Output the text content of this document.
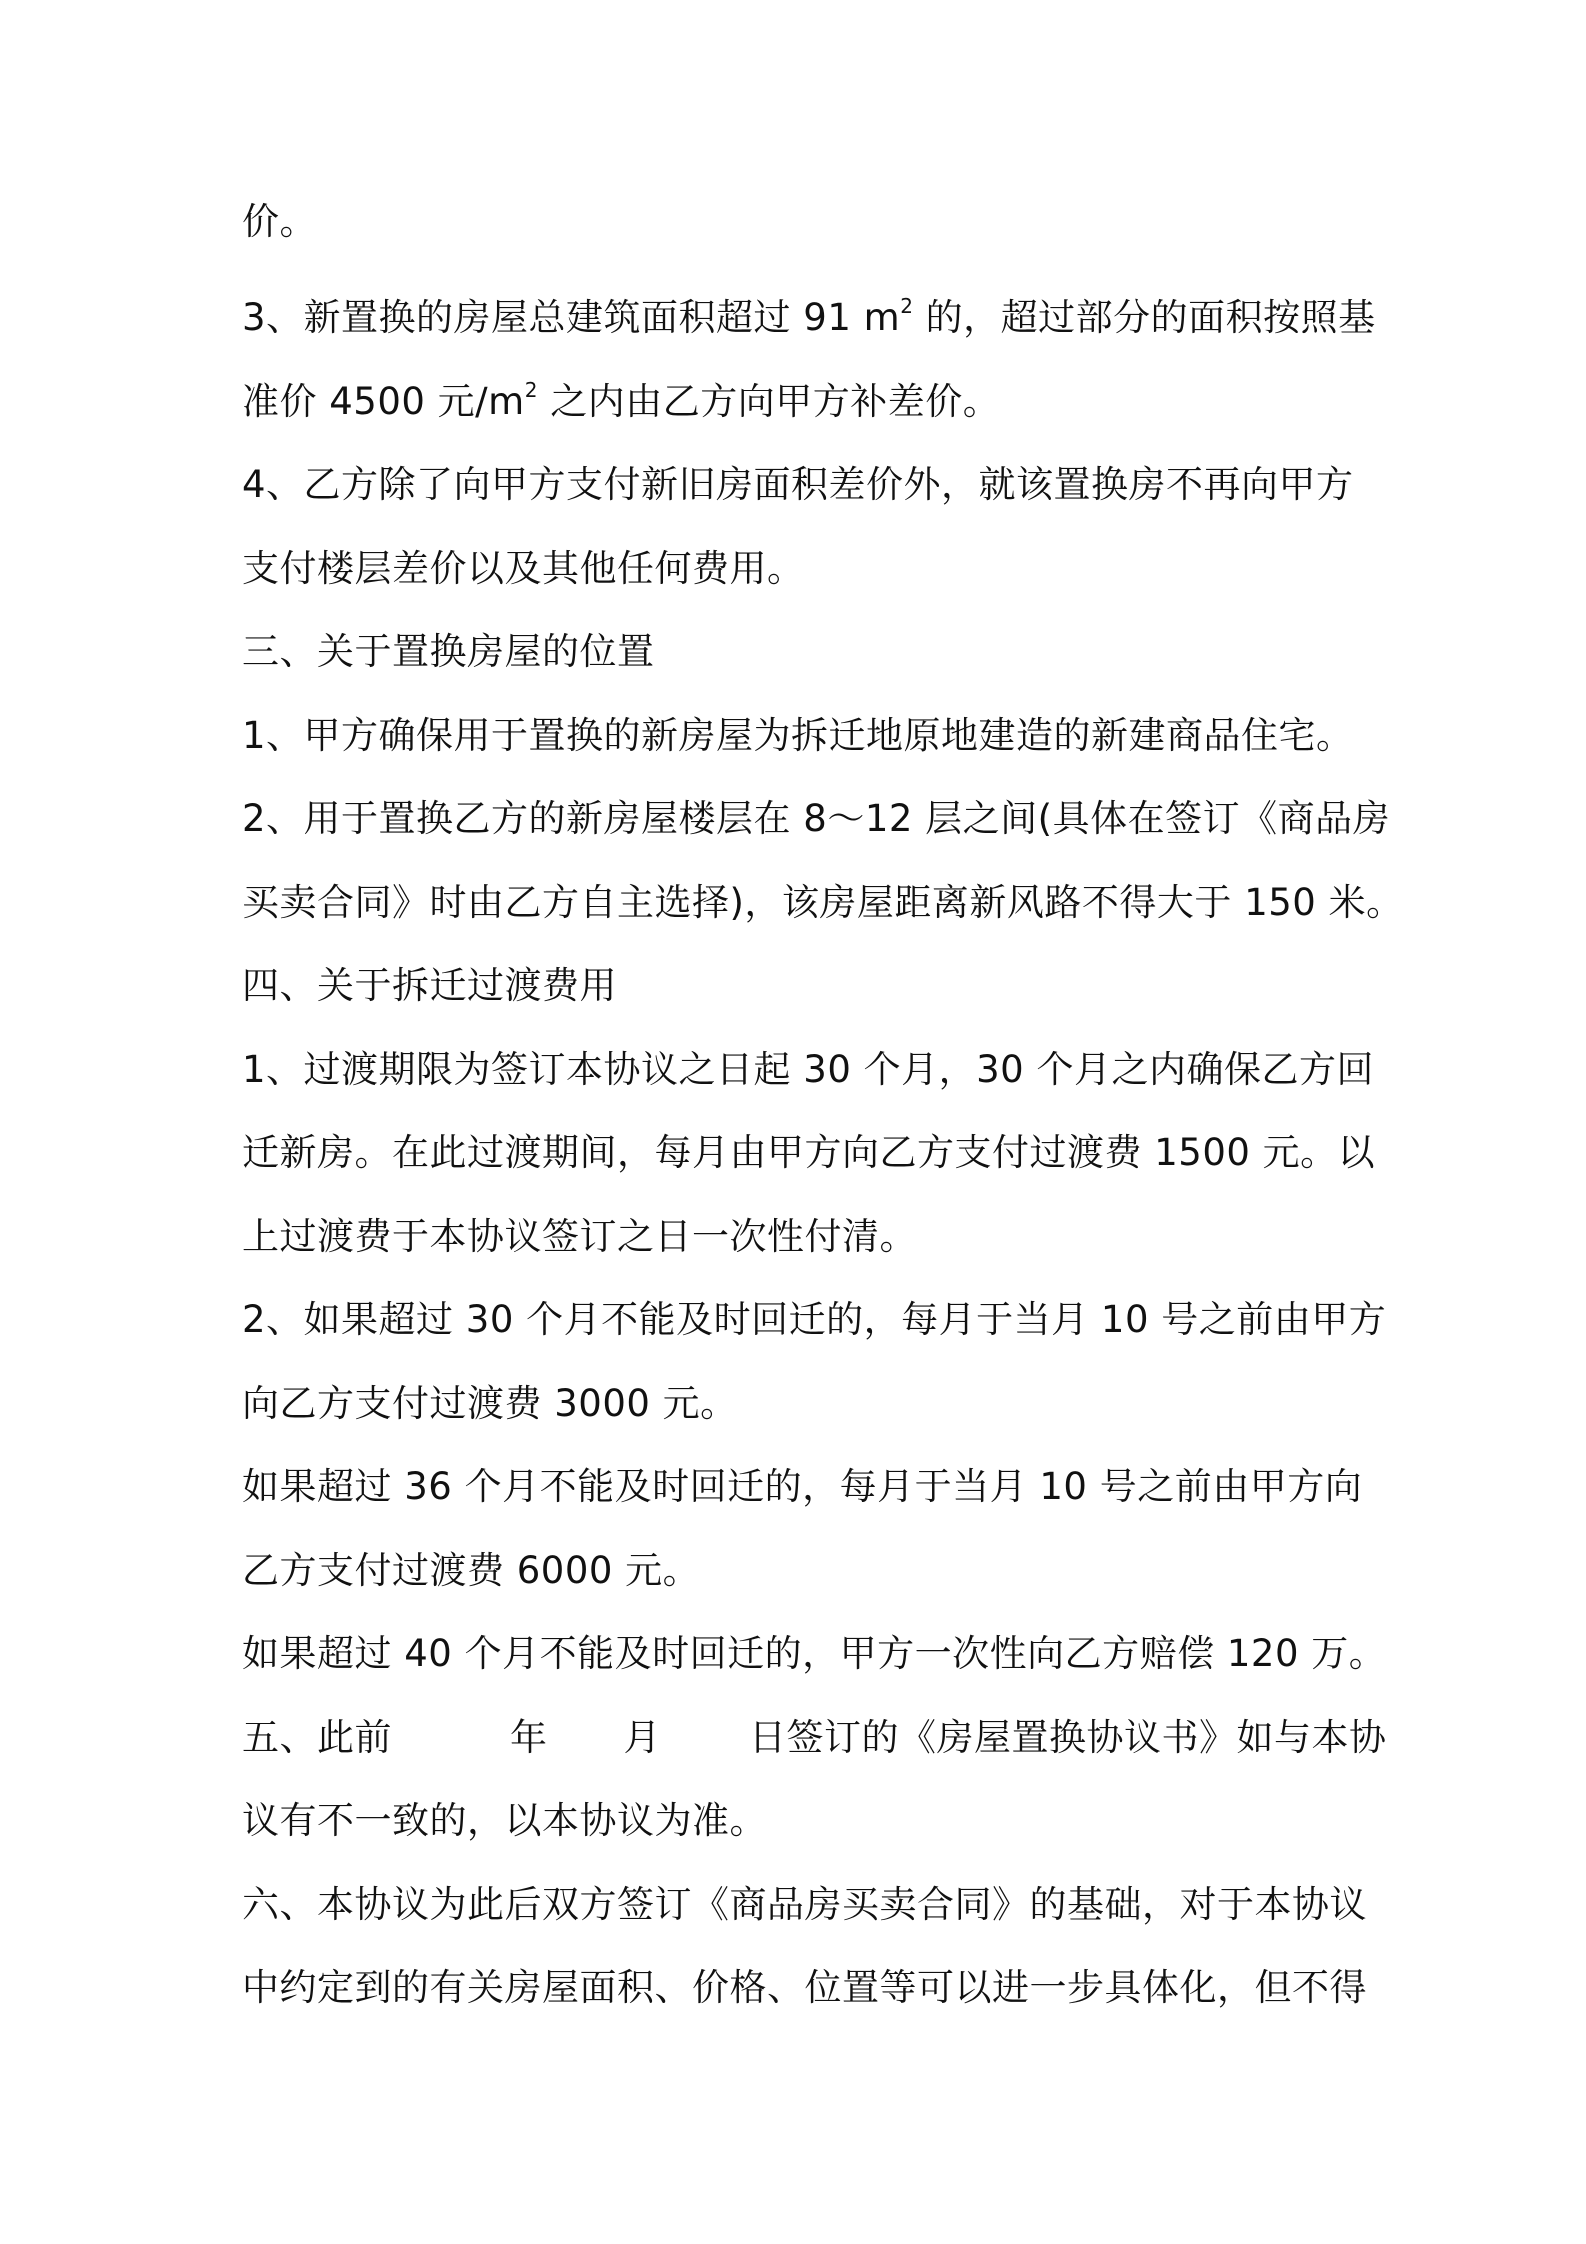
价。
3、新置换的房屋总建筑面积超过 91 $m^2$ 的，超过部分的面积按照基
准价 4500 元$/m^2$ 之内由乙方向甲方补差价。
4、乙方除了向甲方支付新旧房面积差价外，就该置换房不再向甲方
支付楼层差价以及其他任何费用。
三、关于置换房屋的位置
1、甲方确保用于置换的新房屋为拆迁地原地建造的新建商品住宅。
2、用于置换乙方的新房屋楼层在 8～12 层之间(具体在签订《商品房
买卖合同》时由乙方自主选择)，该房屋距离新风路不得大于 150 米。
四、关于拆迁过渡费用
1、过渡期限为签订本协议之日起 30 个月，30 个月之内确保乙方回
迁新房。在此过渡期间，每月由甲方向乙方支付过渡费 1500 元。以
上过渡费于本协议签订之日一次性付清。
2、如果超过 30 个月不能及时回迁的，每月于当月 10 号之前由甲方
向乙方支付过渡费 3000 元。
如果超过 36 个月不能及时回迁的，每月于当月 10 号之前由甲方向
乙方支付过渡费 6000 元。
如果超过 40 个月不能及时回迁的，甲方一次性向乙方赔偿 120 万。
五、此前	年 月 日签订的《房屋置换协议书》如与本协
议有不一致的，以本协议为准。
六、本协议为此后双方签订《商品房买卖合同》的基础，对于本协议
中约定到的有关房屋面积、价格、位置等可以进一步具体化，但不得
